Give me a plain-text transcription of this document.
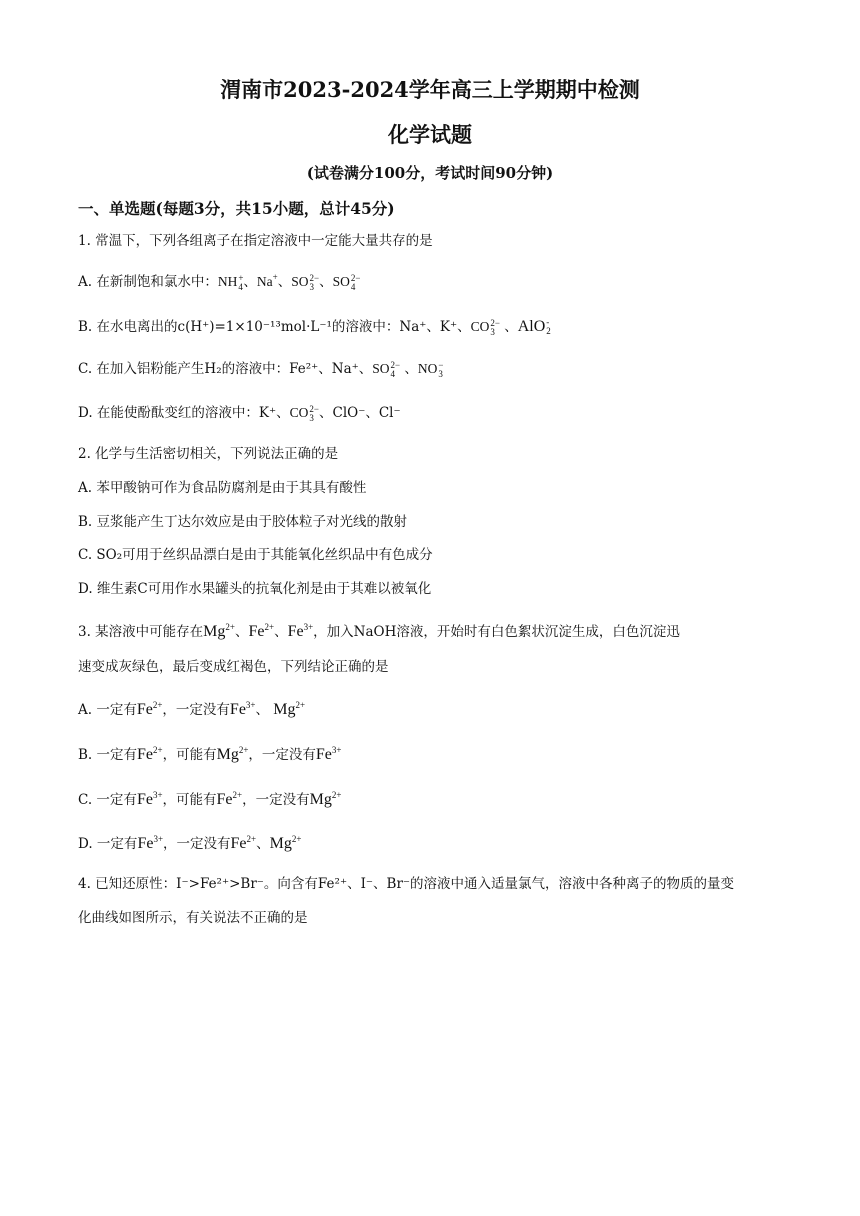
渭南市2023-2024学年高三上学期期中检测
化学试题
(试卷满分100分，考试时间90分钟)
一、单选题(每题3分，共15小题，总计45分)
1. 常温下，下列各组离子在指定溶液中一定能大量共存的是
A. 在新制饱和氯水中：NH +
4 、Na+、SO 2−
3 、SO 2−
4
B. 在水电离出的c(H⁺)=1×10⁻¹³mol·L⁻¹的溶液中：Na⁺、K⁺、CO 2−
3 、AlO -
2
C. 在加入铝粉能产生H₂的溶液中：Fe²⁺、Na⁺、SO 2−
4 、NO −
3
D. 在能使酚酞变红的溶液中：K⁺、CO 2−
3 、ClO⁻、Cl⁻
2. 化学与生活密切相关，下列说法正确的是
A. 苯甲酸钠可作为食品防腐剂是由于其具有酸性
B. 豆浆能产生丁达尔效应是由于胶体粒子对光线的散射
C. SO₂可用于丝织品漂白是由于其能氧化丝织品中有色成分
D. 维生素C可用作水果罐头的抗氧化剂是由于其难以被氧化
3. 某溶液中可能存在$Mg^{2+}$、$Fe^{2+}$、$Fe^{3+}$，加入NaOH溶液，开始时有白色絮状沉淀生成，白色沉淀迅
速变成灰绿色，最后变成红褐色，下列结论正确的是
A. 一定有$Fe^{2+}$，一定没有$Fe^{3+}$、 $Mg^{2+}$
B. 一定有$Fe^{2+}$，可能有$Mg^{2+}$，一定没有$Fe^{3+}$
C. 一定有$Fe^{3+}$，可能有$Fe^{2+}$，一定没有$Mg^{2+}$
D. 一定有$Fe^{3+}$，一定没有$Fe^{2+}$、$Mg^{2+}$
4. 已知还原性：I⁻>Fe²⁺>Br⁻。向含有Fe²⁺、I⁻、Br⁻的溶液中通入适量氯气，溶液中各种离子的物质的量变
化曲线如图所示，有关说法不正确的是
